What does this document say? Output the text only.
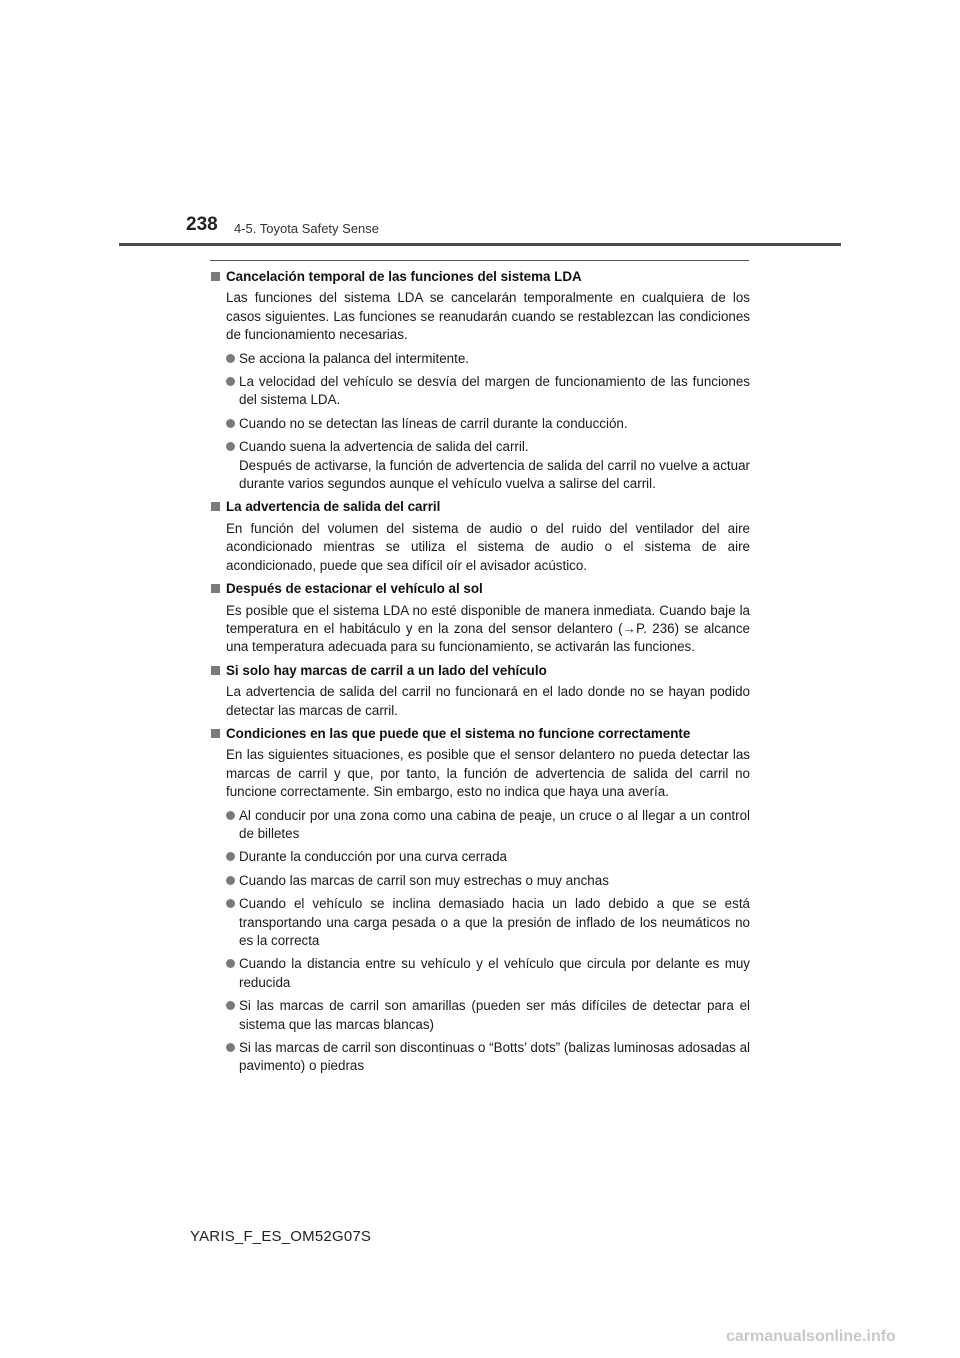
238 4-5. Toyota Safety Sense
Cancelación temporal de las funciones del sistema LDA
Las funciones del sistema LDA se cancelarán temporalmente en cualquiera de los casos siguientes. Las funciones se reanudarán cuando se restablezcan las condiciones de funcionamiento necesarias.
Se acciona la palanca del intermitente.
La velocidad del vehículo se desvía del margen de funcionamiento de las funciones del sistema LDA.
Cuando no se detectan las líneas de carril durante la conducción.
Cuando suena la advertencia de salida del carril.
Después de activarse, la función de advertencia de salida del carril no vuelve a actuar durante varios segundos aunque el vehículo vuelva a salirse del carril.
La advertencia de salida del carril
En función del volumen del sistema de audio o del ruido del ventilador del aire acondicionado mientras se utiliza el sistema de audio o el sistema de aire acondicionado, puede que sea difícil oír el avisador acústico.
Después de estacionar el vehículo al sol
Es posible que el sistema LDA no esté disponible de manera inmediata. Cuando baje la temperatura en el habitáculo y en la zona del sensor delantero (→P. 236) se alcance una temperatura adecuada para su funcionamiento, se activarán las funciones.
Si solo hay marcas de carril a un lado del vehículo
La advertencia de salida del carril no funcionará en el lado donde no se hayan podido detectar las marcas de carril.
Condiciones en las que puede que el sistema no funcione correctamente
En las siguientes situaciones, es posible que el sensor delantero no pueda detectar las marcas de carril y que, por tanto, la función de advertencia de salida del carril no funcione correctamente. Sin embargo, esto no indica que haya una avería.
Al conducir por una zona como una cabina de peaje, un cruce o al llegar a un control de billetes
Durante la conducción por una curva cerrada
Cuando las marcas de carril son muy estrechas o muy anchas
Cuando el vehículo se inclina demasiado hacia un lado debido a que se está transportando una carga pesada o a que la presión de inflado de los neumáticos no es la correcta
Cuando la distancia entre su vehículo y el vehículo que circula por delante es muy reducida
Si las marcas de carril son amarillas (pueden ser más difíciles de detectar para el sistema que las marcas blancas)
Si las marcas de carril son discontinuas o “Botts’ dots” (balizas luminosas adosadas al pavimento) o piedras
YARIS_F_ES_OM52G07S
carmanualsonline.info
